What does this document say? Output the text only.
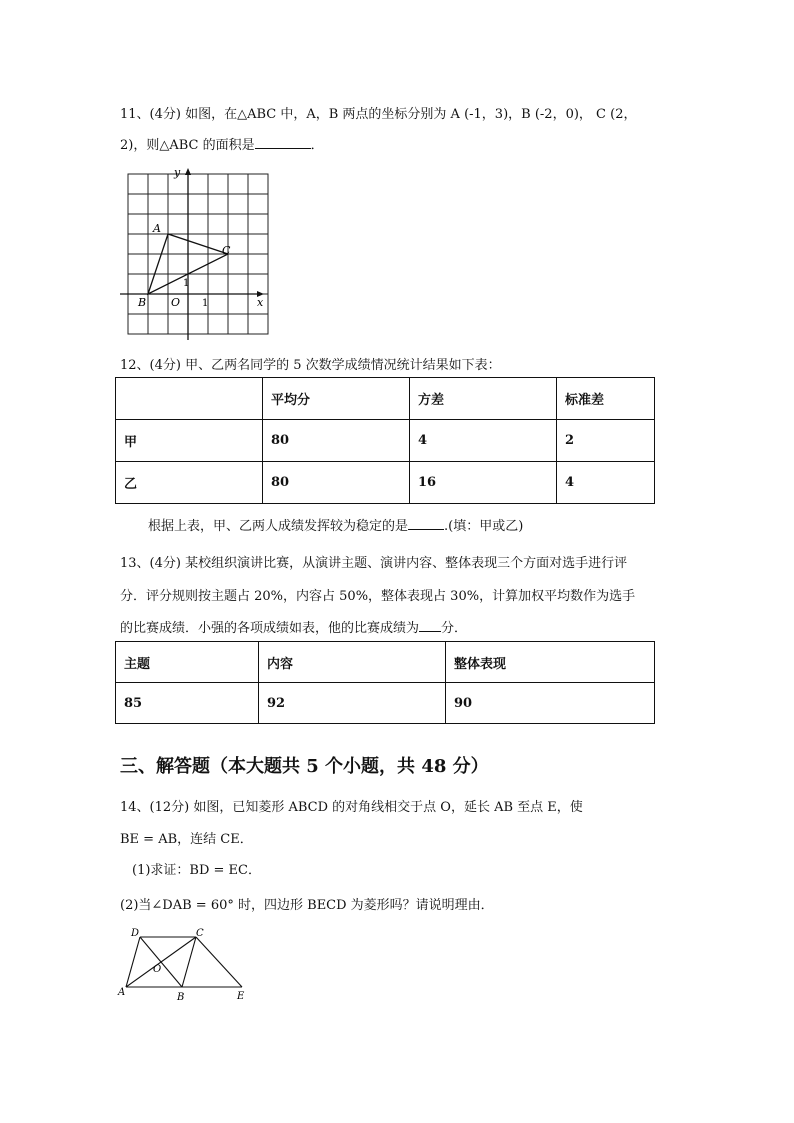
11、(4分) 如图，在△ABC 中，A，B 两点的坐标分别为 A (-1，3)，B (-2，0)， C (2，
2)，则△ABC 的面积是	．
y
x
A
B
C
O 1
1
12、(4分) 甲、乙两名同学的 5 次数学成绩情况统计结果如下表：
	平均分	方差	标准差
甲	80	4	2
乙	80	16	4
根据上表，甲、乙两人成绩发挥较为稳定的是	.(填：甲或乙)
13、(4分) 某校组织演讲比赛，从演讲主题、演讲内容、整体表现三个方面对选手进行评
分．评分规则按主题占 20%，内容占 50%，整体表现占 30%，计算加权平均数作为选手
的比赛成绩．小强的各项成绩如表，他的比赛成绩为 分．
主题	内容	整体表现
85	92	90
三、解答题（本大题共 5 个小题，共 48 分）
14、(12分) 如图，已知菱形 ABCD 的对角线相交于点 O，延长 AB 至点 E，使
BE = AB，连结 CE．
(1)求证：BD = EC．
(2)当∠DAB = 60° 时，四边形 BECD 为菱形吗？请说明理由．
A	B
C
D
E
O
